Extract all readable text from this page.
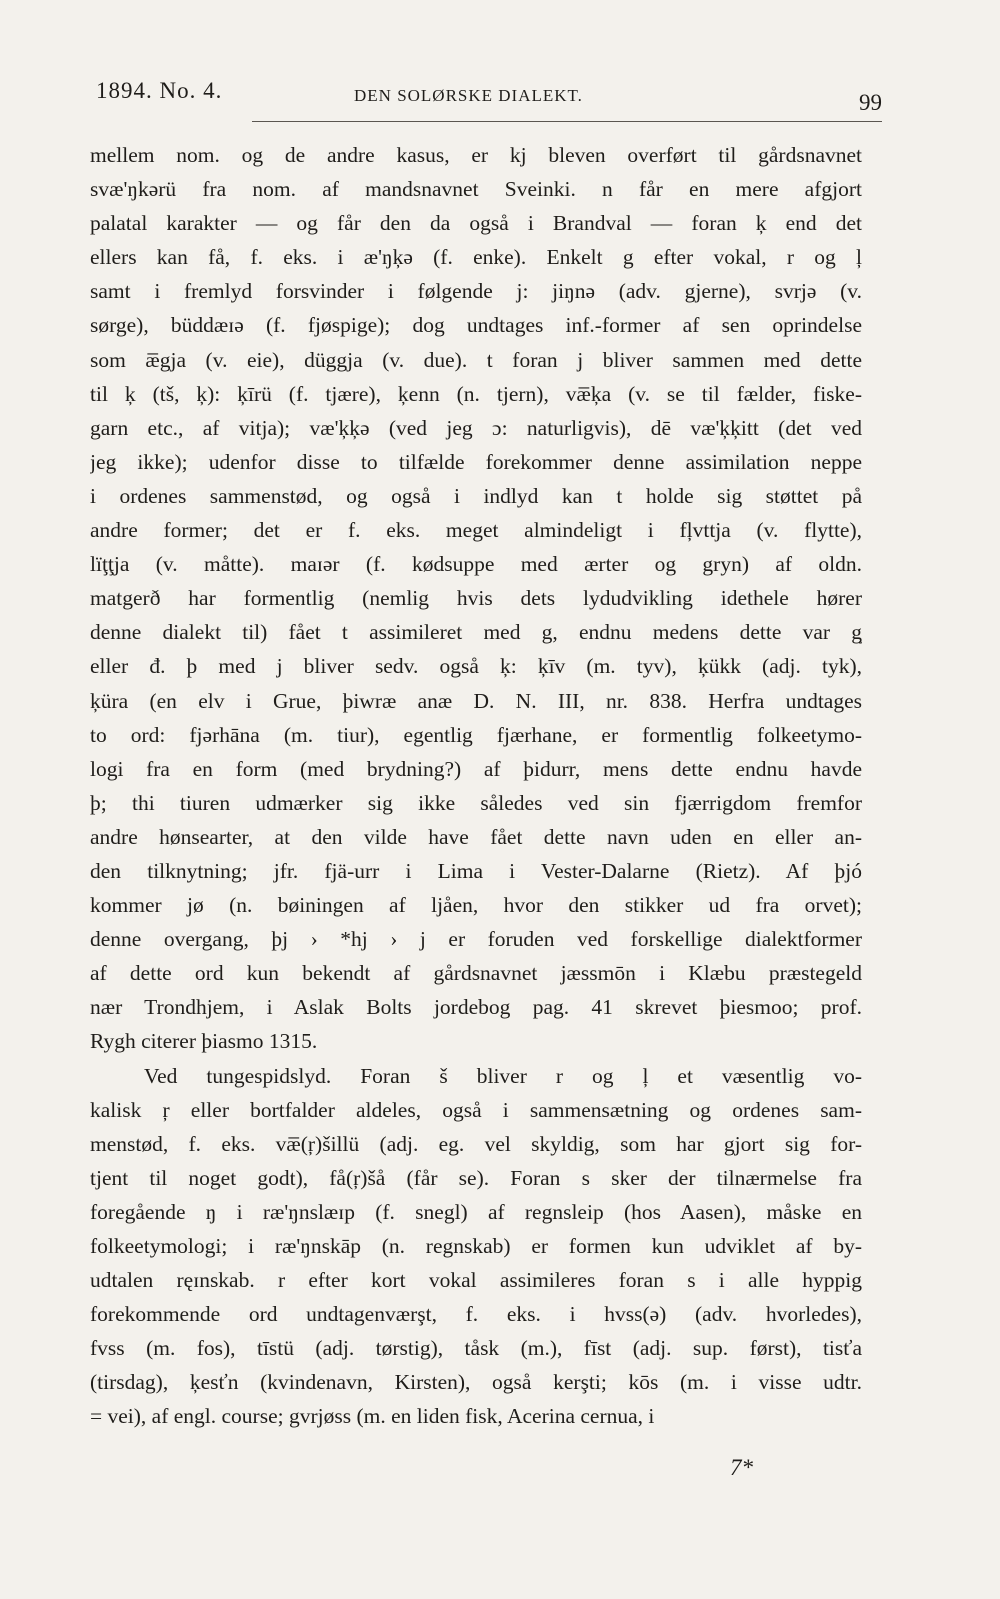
1894. No. 4.	DEN SOLØRSKE DIALEKT.	99
mellem nom. og de andre kasus, er kj bleven overført til gårdsnavnet
svæ'ŋkərü fra nom. af mandsnavnet Sveinki. n får en mere afgjort
palatal karakter — og får den da også i Brandval — foran ķ end det
ellers kan få, f. eks. i æ'ŋķə (f. enke). Enkelt g efter vokal, r og ļ
samt i fremlyd forsvinder i følgende j: jiŋnə (adv. gjerne), svrjə (v.
sørge), büddæɪə (f. fjøspige); dog undtages inf.-former af sen oprindelse
som æ̅gja (v. eie), düggja (v. due). t foran j bliver sammen med dette
til ķ (tš, ķ): ķīrü (f. tjære), ķenn (n. tjern), væ̅ķa (v. se til fælder, fiske-
garn etc., af vitja); væ'ķķə (ved jeg ɔ: naturligvis), dē væ'ķķitt (det ved
jeg ikke); udenfor disse to tilfælde forekommer denne assimilation neppe
i ordenes sammenstød, og også i indlyd kan t holde sig støttet på
andre former; det er f. eks. meget almindeligt i fļvttja (v. flytte),
lïţţja (v. måtte). maɪər (f. kødsuppe med ærter og gryn) af oldn.
matgerð har formentlig (nemlig hvis dets lydudvikling idethele hører
denne dialekt til) fået t assimileret med g, endnu medens dette var g̡
eller đ. þ med j bliver sedv. også ķ: ķīv (m. tyv), ķükk (adj. tyk),
ķüra (en elv i Grue, þiwræ anæ D. N. III, nr. 838. Herfra undtages
to ord: fjərhāna (m. tiur), egentlig fjærhane, er formentlig folkeetymo-
logi fra en form (med brydning?) af þidurr, mens dette endnu havde
þ; thi tiuren udmærker sig ikke således ved sin fjærrigdom fremfor
andre hønsearter, at den vilde have fået dette navn uden en eller an-
den tilknytning; jfr. fjä-urr i Lima i Vester-Dalarne (Rietz). Af þjó
kommer jø (n. bøiningen af ljåen, hvor den stikker ud fra orvet);
denne overgang, þj › *hj › j er foruden ved forskellige dialektformer
af dette ord kun bekendt af gårdsnavnet jæssmōn i Klæbu præstegeld
nær Trondhjem, i Aslak Bolts jordebog pag. 41 skrevet þiesmoo; prof.
Rygh citerer þiasmo 1315.
Ved tungespidslyd. Foran š bliver r og ļ et væsentlig vo-
kalisk ŗ eller bortfalder aldeles, også i sammensætning og ordenes sam-
menstød, f. eks. væ̅(ŗ)šillü (adj. eg. vel skyldig, som har gjort sig for-
tjent til noget godt), få(ŗ)šå (får se). Foran s sker der tilnærmelse fra
foregående ŋ i ræ'ŋnslæɪp (f. snegl) af regnsleip (hos Aasen), måske en
folkeetymologi; i ræ'ŋnskāp (n. regnskab) er formen kun udviklet af by-
udtalen ręɪnskab. r efter kort vokal assimileres foran s i alle hyppig
forekommende ord undtagenværşt, f. eks. i hvss(ə) (adv. hvorledes),
fvss (m. fos), tīstü (adj. tørstig), tåsk (m.), fīst (adj. sup. først), tisťa
(tirsdag), ķesťn (kvindenavn, Kirsten), også kerşti; kōs (m. i visse udtr.
= vei), af engl. course; gvrjøss (m. en liden fisk, Acerina cernua, i
7*
